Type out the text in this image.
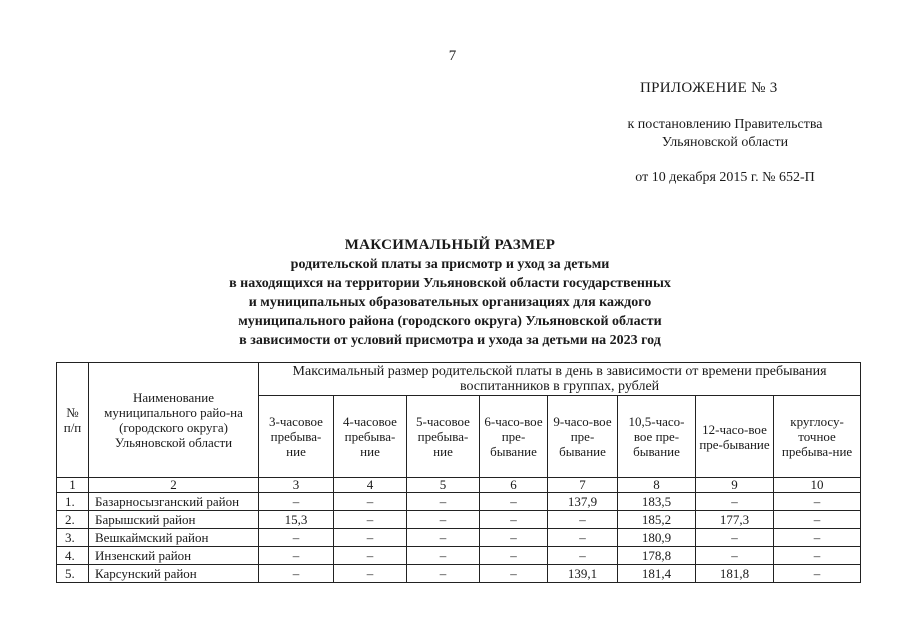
7
ПРИЛОЖЕНИЕ № 3
к постановлению Правительства
Ульяновской области
от 10 декабря 2015 г. № 652-П
МАКСИМАЛЬНЫЙ РАЗМЕР
родительской платы за присмотр и уход за детьми
в находящихся на территории Ульяновской области государственных
и муниципальных образовательных организациях для каждого
муниципального района (городского округа) Ульяновской области
в зависимости от условий присмотра и ухода за детьми на 2023 год
№ п/п	Наименование муниципального райо-на (городского округа) Ульяновской области	Максимальный размер родительской платы в день в зависимости от времени пребывания воспитанников в группах, рублей							
		3-часовое пребыва-ние	4-часовое пребыва-ние	5-часовое пребыва-ние	6-часо-вое пре-бывание	9-часо-вое пре-бывание	10,5-часо-вое пре-бывание	12-часо-вое пре-бывание	круглосу-точное пребыва-ние
1	2	3	4	5	6	7	8	9	10
1.	Базарносызганский район	–	–	–	–	137,9	183,5	–	–
2.	Барышский район	15,3	–	–	–	–	185,2	177,3	–
3.	Вешкаймский район	–	–	–	–	–	180,9	–	–
4.	Инзенский район	–	–	–	–	–	178,8	–	–
5.	Карсунский район	–	–	–	–	139,1	181,4	181,8	–
